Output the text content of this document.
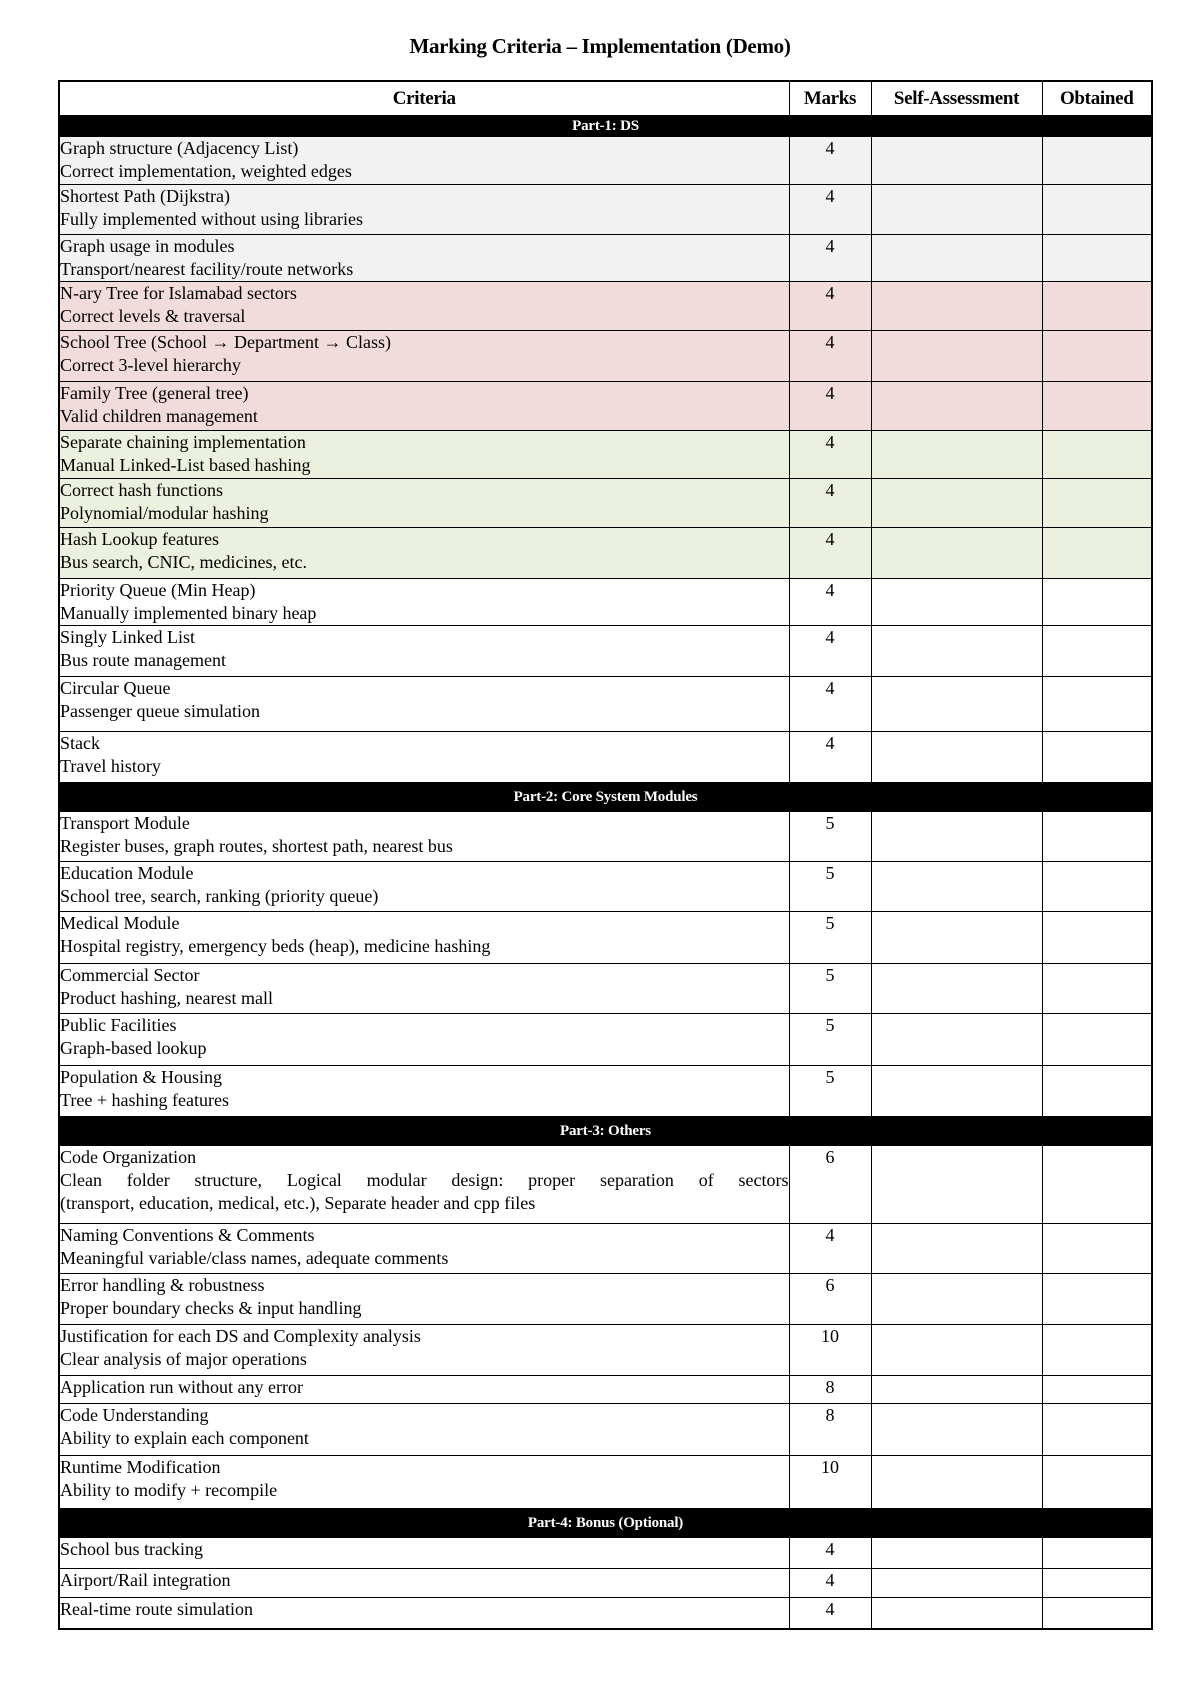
Marking Criteria – Implementation (Demo)
Criteria	Marks	Self-Assessment	Obtained
Part-1: DS			

Graph structure (Adjacency List)
Correct implementation, weighted edges	4		

Shortest Path (Dijkstra)
Fully implemented without using libraries	4		

Graph usage in modules
Transport/nearest facility/route networks	4		

N-ary Tree for Islamabad sectors
Correct levels & traversal	4		

School Tree (School → Department → Class)
Correct 3-level hierarchy	4		

Family Tree (general tree)
Valid children management	4		

Separate chaining implementation
Manual Linked-List based hashing	4		

Correct hash functions
Polynomial/modular hashing	4		

Hash Lookup features
Bus search, CNIC, medicines, etc.	4		

Priority Queue (Min Heap)
Manually implemented binary heap	4		

Singly Linked List
Bus route management	4		

Circular Queue
Passenger queue simulation	4		

Stack
Travel history	4		
Part-2: Core System Modules			

Transport Module
Register buses, graph routes, shortest path, nearest bus	5		

Education Module
School tree, search, ranking (priority queue)	5		

Medical Module
Hospital registry, emergency beds (heap), medicine hashing	5		

Commercial Sector
Product hashing, nearest mall	5		

Public Facilities
Graph-based lookup	5		

Population & Housing
Tree + hashing features	5		
Part-3: Others			

Code Organization
Clean folder structure, Logical modular design: proper separation of sectors
(transport, education, medical, etc.), Separate header and cpp files	6		

Naming Conventions & Comments
Meaningful variable/class names, adequate comments	4		

Error handling & robustness
Proper boundary checks & input handling	6		

Justification for each DS and Complexity analysis
Clear analysis of major operations	10		

Application run without any error	8		

Code Understanding
Ability to explain each component	8		

Runtime Modification
Ability to modify + recompile	10		
Part-4: Bonus (Optional)			

School bus tracking	4		

Airport/Rail integration	4		

Real-time route simulation	4		
